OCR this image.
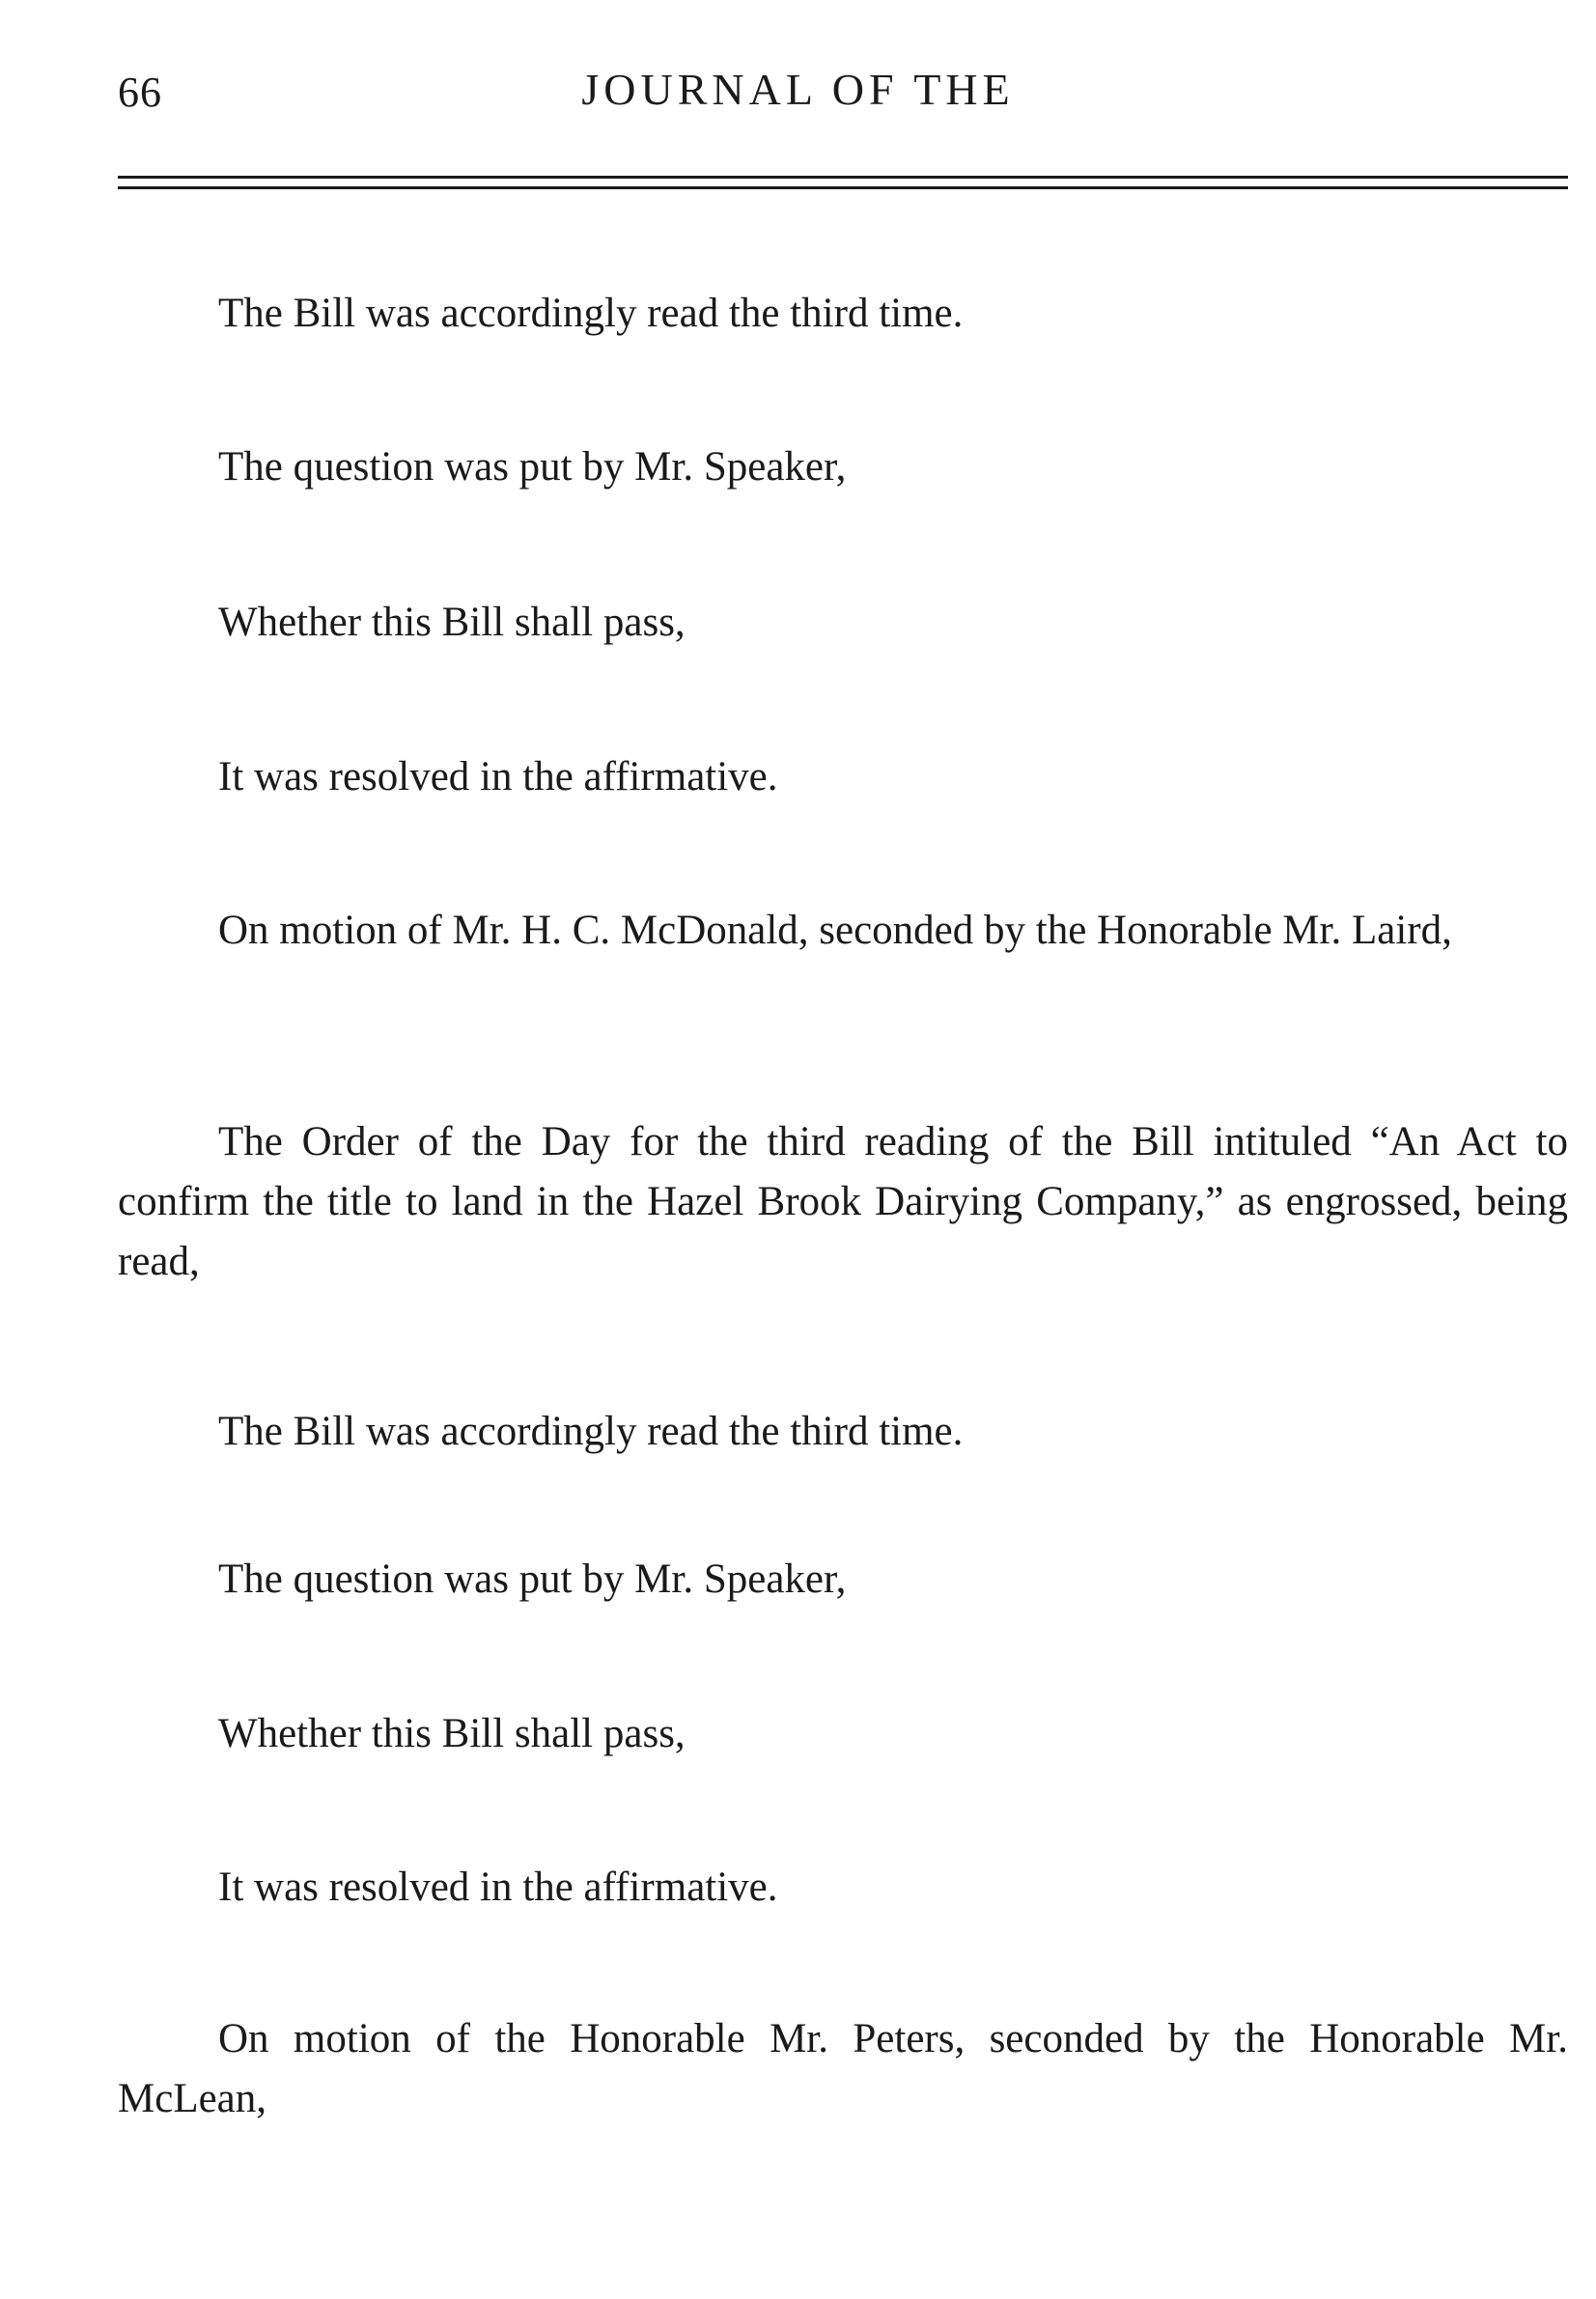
66	JOURNAL OF THE

The Bill was accordingly read the third time.

The question was put by Mr. Speaker,

Whether this Bill shall pass,

It was resolved in the affirmative.

On motion of Mr. H. C. McDonald, seconded by the Honorable Mr. Laird,

The Order of the Day for the third reading of the Bill intituled “An Act to confirm the title to land in the Hazel Brook Dairying Company,” as engrossed, being read,

The Bill was accordingly read the third time.

The question was put by Mr. Speaker,

Whether this Bill shall pass,

It was resolved in the affirmative.

On motion of the Honorable Mr. Peters, seconded by the Honorable Mr. McLean,
